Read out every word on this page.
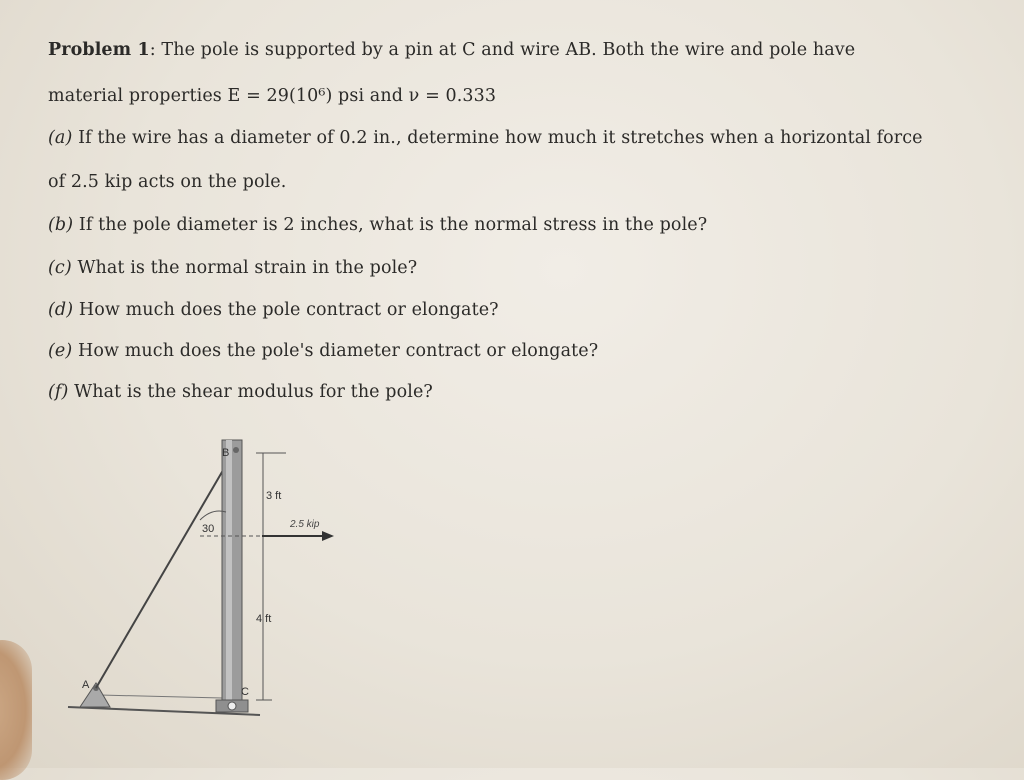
Problem 1: The pole is supported by a pin at C and wire AB. Both the wire and pole have
material properties E = 29(10⁶) psi and ν = 0.333
(a) If the wire has a diameter of 0.2 in., determine how much it stretches when a horizontal force
of 2.5 kip acts on the pole.
(b) If the pole diameter is 2 inches, what is the normal stress in the pole?
(c) What is the normal strain in the pole?
(d) How much does the pole contract or elongate?
(e) How much does the pole's diameter contract or elongate?
(f) What is the shear modulus for the pole?
B
A
C
30
3 ft
4 ft
2.5 kip
